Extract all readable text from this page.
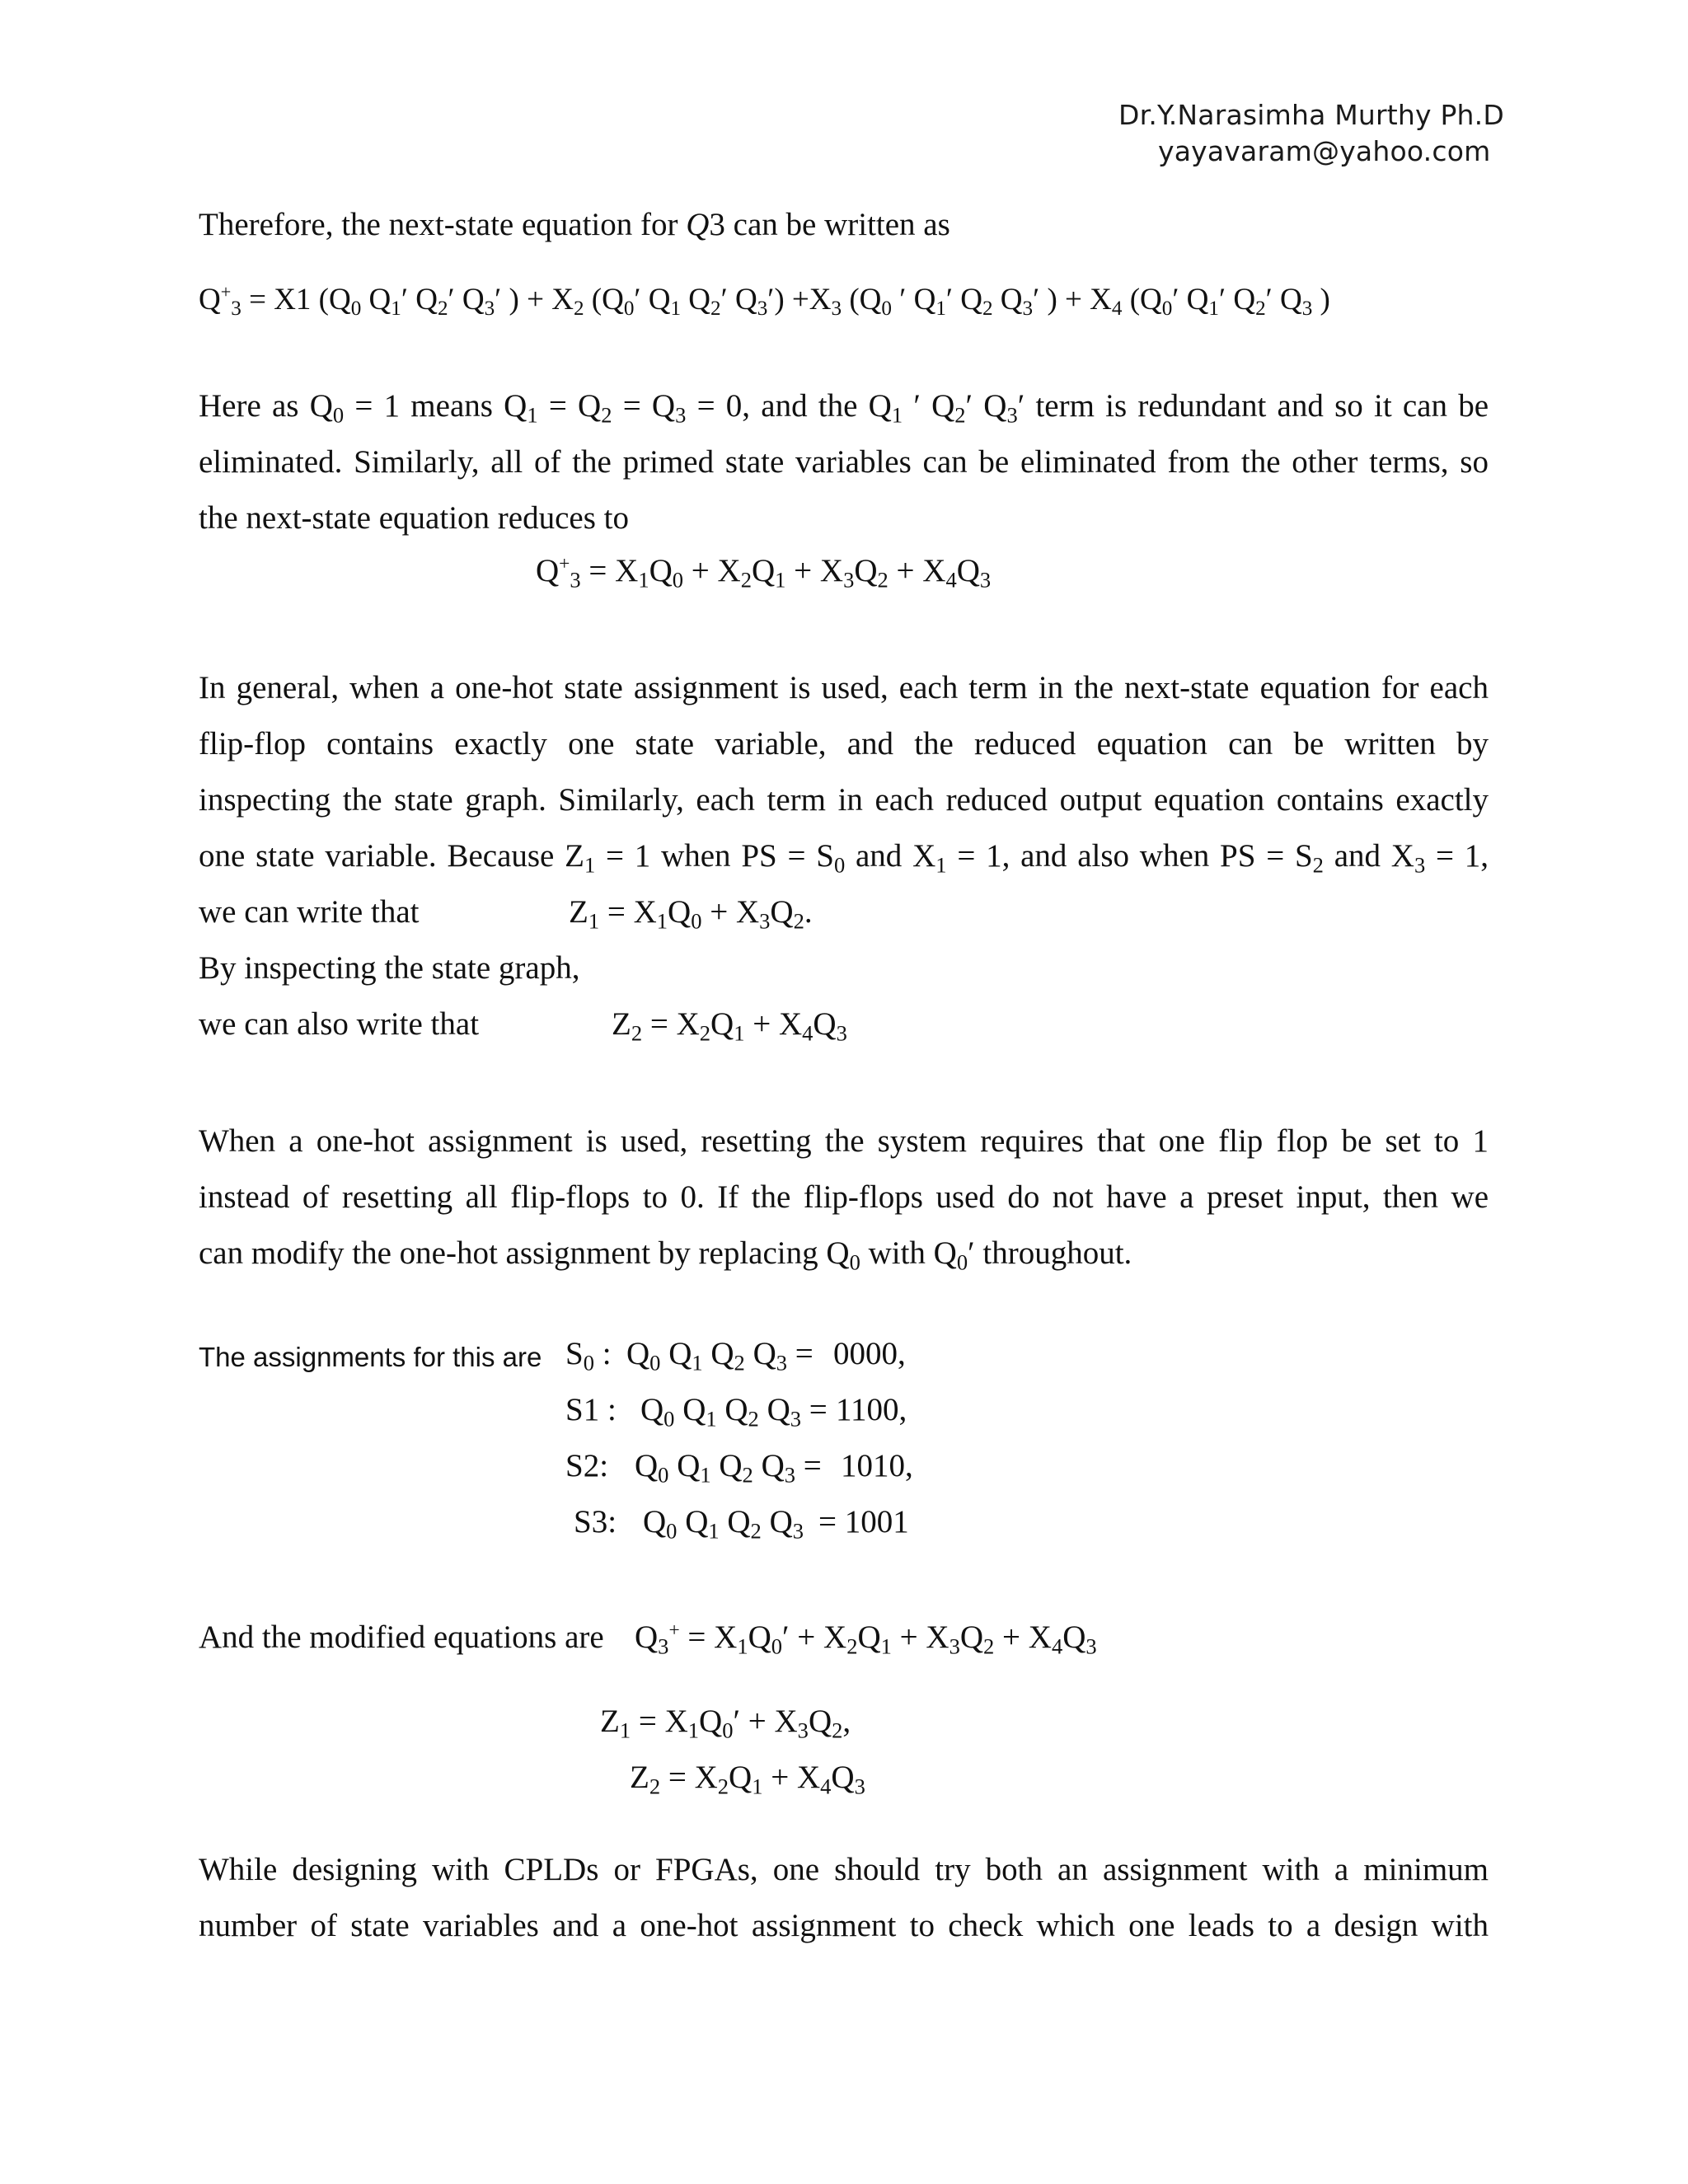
Dr.Y.Narasimha Murthy Ph.D
yayavaram@yahoo.com
Therefore, the next-state equation for Q3 can be written as
$Q^+_3 = X1$ ($Q_0$ $Q_1'$ $Q_2'$ $Q_3'$ ) + $X_2$ ($Q_0'$ $Q_1$ $Q_2'$ $Q_3') +X_3$ ($Q_0$ ′ $Q_1'$ $Q_2$ $Q_3'$ ) + $X_4$ ($Q_0'$ $Q_1'$ $Q_2'$ $Q_3$ )
Here as $Q_0 = 1$ means $Q_1 = Q_2 = Q_3 = 0$, and the $Q_1$ ′ $Q_2'$ $Q_3'$ term is redundant and so it can be
eliminated. Similarly, all of the primed state variables can be eliminated from the other terms, so
the next-state equation reduces to
$Q^+_3 = X_1Q_0 + X_2Q_1 + X_3Q_2 + X_4Q_3$
In general, when a one-hot state assignment is used, each term in the next-state equation for each
flip-flop contains exactly one state variable, and the reduced equation can be written by
inspecting the state graph. Similarly, each term in each reduced output equation contains exactly
one state variable. Because $Z_1 = 1$ when PS = $S_0$ and $X_1 = 1$, and also when PS = $S_2$ and $X_3 = 1$,
we can write that	$Z_1 = X_1Q_0 + X_3Q_2$.
By inspecting the state graph,
we can also write that	$Z_2 = X_2Q_1 + X_4Q_3$
When a one-hot assignment is used, resetting the system requires that one flip flop be set to 1
instead of resetting all flip-flops to 0. If the flip-flops used do not have a preset input, then we
can modify the one-hot assignment by replacing $Q_0$ with $Q_0'$ throughout.
The assignments for this are $S_0$ : $Q_0$ $Q_1$ $Q_2$ $Q_3 = 0000$,
S1 : $Q_0$ $Q_1$ $Q_2$ $Q_3 = 1100$,
S2: $Q_0$ $Q_1$ $Q_2$ $Q_3 = 1010$,
S3: $Q_0$ $Q_1$ $Q_2$ $Q_3 = 1001$
And the modified equations are $Q_3^+ = X_1Q_0' + X_2Q_1 + X_3Q_2 + X_4Q_3$
$Z_1 = X_1Q_0' + X_3Q_2$,
$Z_2 = X_2Q_1 + X_4Q_3$
While designing with CPLDs or FPGAs, one should try both an assignment with a minimum
number of state variables and a one-hot assignment to check which one leads to a design with
